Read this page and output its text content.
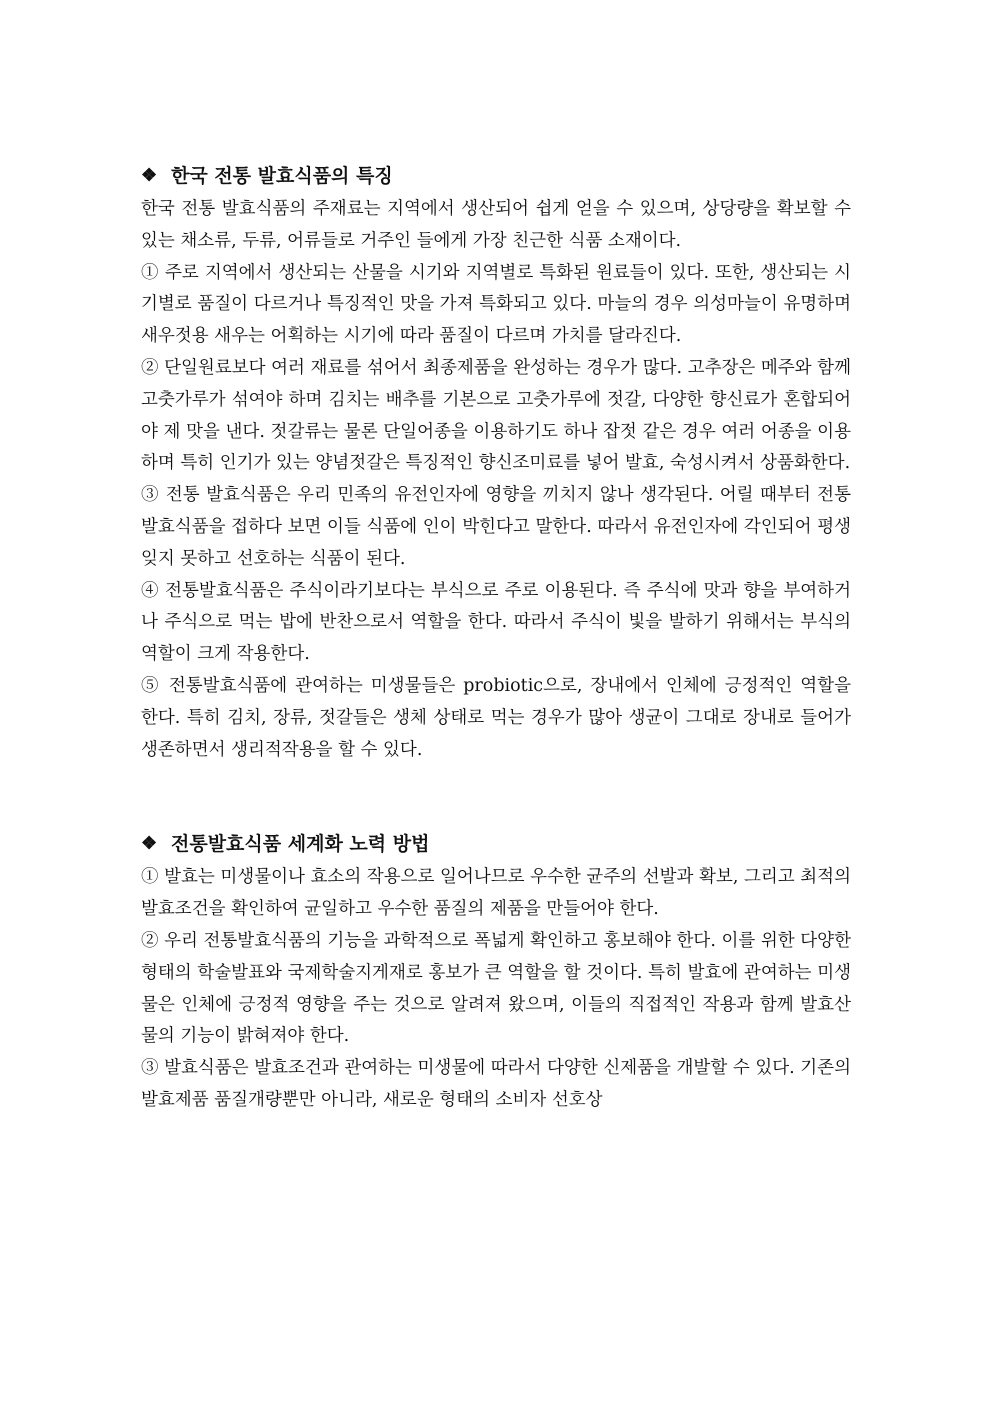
❖ 한국 전통 발효식품의 특징

한국 전통 발효식품의 주재료는 지역에서 생산되어 쉽게 얻을 수 있으며, 상당량을 확보할 수 있는 채소류, 두류, 어류들로 거주인 들에게 가장 친근한 식품 소재이다.

① 주로 지역에서 생산되는 산물을 시기와 지역별로 특화된 원료들이 있다. 또한, 생산되는 시기별로 품질이 다르거나 특징적인 맛을 가져 특화되고 있다. 마늘의 경우 의성마늘이 유명하며 새우젓용 새우는 어획하는 시기에 따라 품질이 다르며 가치를 달라진다.

② 단일원료보다 여러 재료를 섞어서 최종제품을 완성하는 경우가 많다. 고추장은 메주와 함께 고춧가루가 섞여야 하며 김치는 배추를 기본으로 고춧가루에 젓갈, 다양한 향신료가 혼합되어야 제 맛을 낸다. 젓갈류는 물론 단일어종을 이용하기도 하나 잡젓 같은 경우 여러 어종을 이용하며 특히 인기가 있는 양념젓갈은 특징적인 향신조미료를 넣어 발효, 숙성시켜서 상품화한다.

③ 전통 발효식품은 우리 민족의 유전인자에 영향을 끼치지 않나 생각된다. 어릴 때부터 전통 발효식품을 접하다 보면 이들 식품에 인이 박힌다고 말한다. 따라서 유전인자에 각인되어 평생 잊지 못하고 선호하는 식품이 된다.

④ 전통발효식품은 주식이라기보다는 부식으로 주로 이용된다. 즉 주식에 맛과 향을 부여하거나 주식으로 먹는 밥에 반찬으로서 역할을 한다. 따라서 주식이 빛을 발하기 위해서는 부식의 역할이 크게 작용한다.

⑤ 전통발효식품에 관여하는 미생물들은 probiotic으로, 장내에서 인체에 긍정적인 역할을 한다. 특히 김치, 장류, 젓갈들은 생체 상태로 먹는 경우가 많아 생균이 그대로 장내로 들어가 생존하면서 생리적작용을 할 수 있다.

❖ 전통발효식품 세계화 노력 방법

① 발효는 미생물이나 효소의 작용으로 일어나므로 우수한 균주의 선발과 확보, 그리고 최적의 발효조건을 확인하여 균일하고 우수한 품질의 제품을 만들어야 한다.

② 우리 전통발효식품의 기능을 과학적으로 폭넓게 확인하고 홍보해야 한다. 이를 위한 다양한 형태의 학술발표와 국제학술지게재로 홍보가 큰 역할을 할 것이다. 특히 발효에 관여하는 미생물은 인체에 긍정적 영향을 주는 것으로 알려져 왔으며, 이들의 직접적인 작용과 함께 발효산물의 기능이 밝혀져야 한다.

③ 발효식품은 발효조건과 관여하는 미생물에 따라서 다양한 신제품을 개발할 수 있다. 기존의 발효제품 품질개량뿐만 아니라, 새로운 형태의 소비자 선호상
